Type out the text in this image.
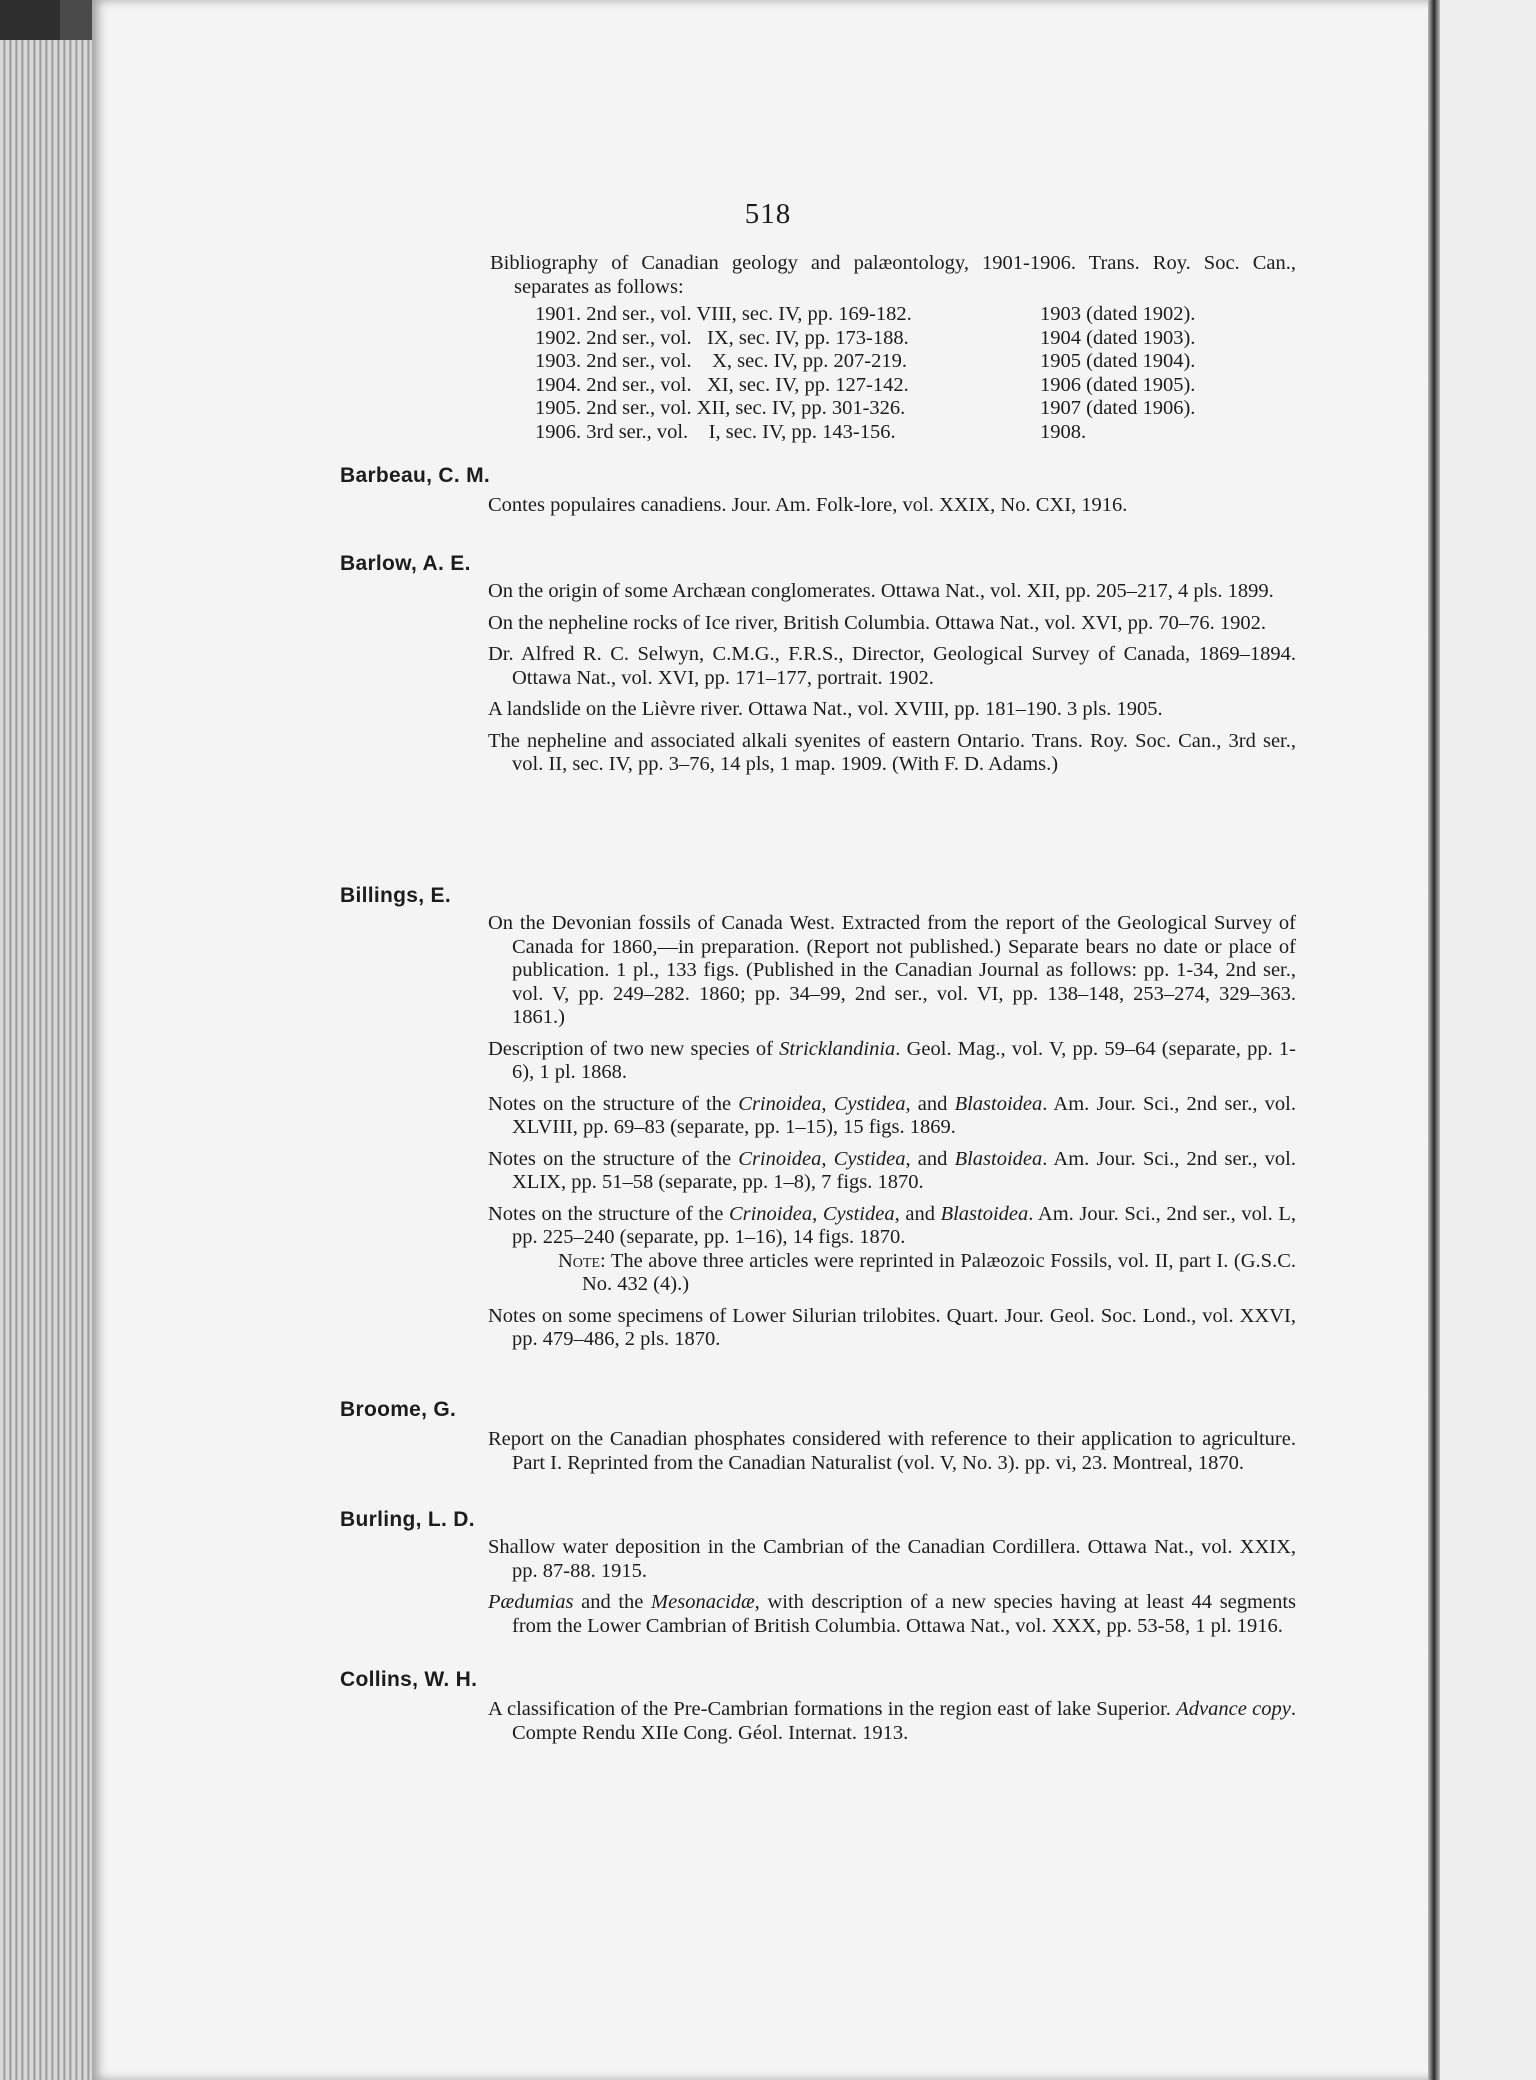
518

Bibliography of Canadian geology and palæontology, 1901-1906. Trans. Roy. Soc. Can., separates as follows:

1901. 2nd ser., vol. VIII, sec. IV, pp. 169-182.	1903 (dated 1902).
1902. 2nd ser., vol.   IX, sec. IV, pp. 173-188.	1904 (dated 1903).
1903. 2nd ser., vol.    X, sec. IV, pp. 207-219.	1905 (dated 1904).
1904. 2nd ser., vol.   XI, sec. IV, pp. 127-142.	1906 (dated 1905).
1905. 2nd ser., vol. XII, sec. IV, pp. 301-326.	1907 (dated 1906).
1906. 3rd ser., vol.    I, sec. IV, pp. 143-156.	1908.
Barbeau, C. M.

Contes populaires canadiens. Jour. Am. Folk-lore, vol. XXIX, No. CXI, 1916.

Barlow, A. E.

On the origin of some Archæan conglomerates. Ottawa Nat., vol. XII, pp. 205–217, 4 pls. 1899.

On the nepheline rocks of Ice river, British Columbia. Ottawa Nat., vol. XVI, pp. 70–76. 1902.

Dr. Alfred R. C. Selwyn, C.M.G., F.R.S., Director, Geological Survey of Canada, 1869–1894. Ottawa Nat., vol. XVI, pp. 171–177, portrait. 1902.

A landslide on the Lièvre river. Ottawa Nat., vol. XVIII, pp. 181–190. 3 pls. 1905.

The nepheline and associated alkali syenites of eastern Ontario. Trans. Roy. Soc. Can., 3rd ser., vol. II, sec. IV, pp. 3–76, 14 pls, 1 map. 1909. (With F. D. Adams.)

Billings, E.

On the Devonian fossils of Canada West. Extracted from the report of the Geological Survey of Canada for 1860,—in preparation. (Report not published.) Separate bears no date or place of publication. 1 pl., 133 figs. (Published in the Canadian Journal as follows: pp. 1-34, 2nd ser., vol. V, pp. 249–282. 1860; pp. 34–99, 2nd ser., vol. VI, pp. 138–148, 253–274, 329–363. 1861.)

Description of two new species of Stricklandinia. Geol. Mag., vol. V, pp. 59–64 (separate, pp. 1-6), 1 pl. 1868.

Notes on the structure of the Crinoidea, Cystidea, and Blastoidea. Am. Jour. Sci., 2nd ser., vol. XLVIII, pp. 69–83 (separate, pp. 1–15), 15 figs. 1869.

Notes on the structure of the Crinoidea, Cystidea, and Blastoidea. Am. Jour. Sci., 2nd ser., vol. XLIX, pp. 51–58 (separate, pp. 1–8), 7 figs. 1870.

Notes on the structure of the Crinoidea, Cystidea, and Blastoidea. Am. Jour. Sci., 2nd ser., vol. L, pp. 225–240 (separate, pp. 1–16), 14 figs. 1870.

Note: The above three articles were reprinted in Palæozoic Fossils, vol. II, part I. (G.S.C. No. 432 (4).)

Notes on some specimens of Lower Silurian trilobites. Quart. Jour. Geol. Soc. Lond., vol. XXVI, pp. 479–486, 2 pls. 1870.

Broome, G.

Report on the Canadian phosphates considered with reference to their application to agriculture. Part I. Reprinted from the Canadian Naturalist (vol. V, No. 3). pp. vi, 23. Montreal, 1870.

Burling, L. D.

Shallow water deposition in the Cambrian of the Canadian Cordillera. Ottawa Nat., vol. XXIX, pp. 87-88. 1915.

Pædumias and the Mesonacidæ, with description of a new species having at least 44 segments from the Lower Cambrian of British Columbia. Ottawa Nat., vol. XXX, pp. 53-58, 1 pl. 1916.

Collins, W. H.

A classification of the Pre-Cambrian formations in the region east of lake Superior. Advance copy. Compte Rendu XIIe Cong. Géol. Internat. 1913.
